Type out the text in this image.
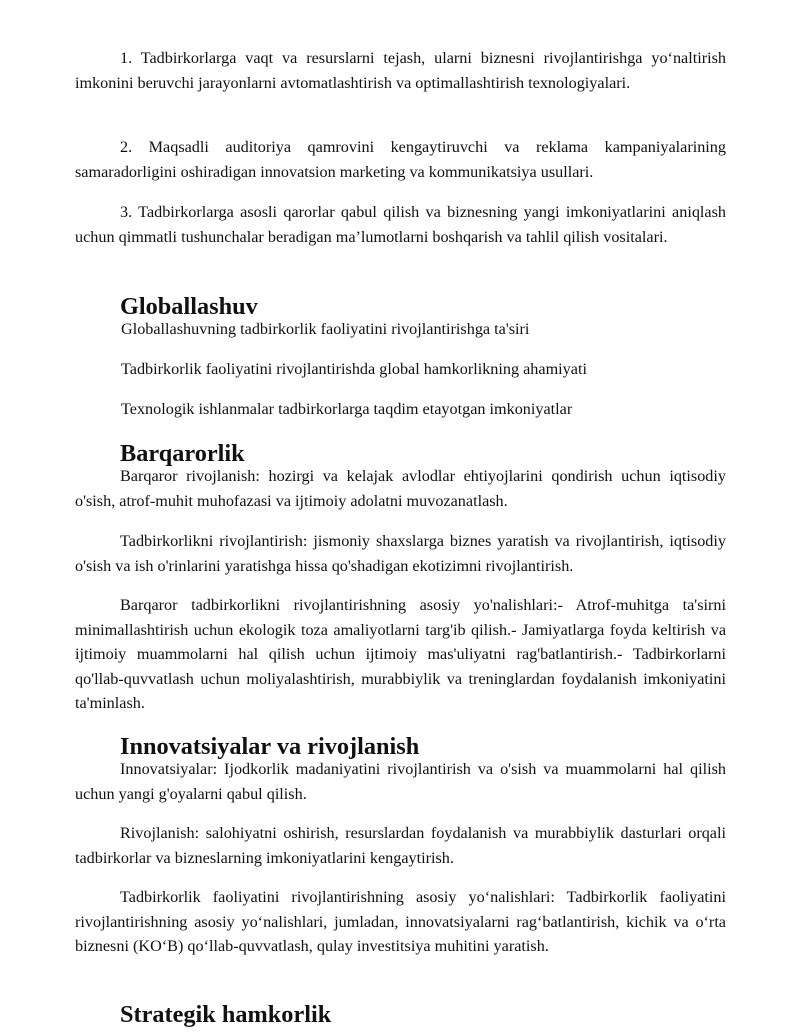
1. Tadbirkorlarga vaqt va resurslarni tejash, ularni biznesni rivojlantirishga yo‘naltirish imkonini beruvchi jarayonlarni avtomatlashtirish va optimallashtirish texnologiyalari.

2. Maqsadli auditoriya qamrovini kengaytiruvchi va reklama kampaniyalarining samaradorligini oshiradigan innovatsion marketing va kommunikatsiya usullari.

3. Tadbirkorlarga asosli qarorlar qabul qilish va biznesning yangi imkoniyatlarini aniqlash uchun qimmatli tushunchalar beradigan ma’lumotlarni boshqarish va tahlil qilish vositalari.

Globallashuv

Globallashuvning tadbirkorlik faoliyatini rivojlantirishga ta'siri

Tadbirkorlik faoliyatini rivojlantirishda global hamkorlikning ahamiyati

Texnologik ishlanmalar tadbirkorlarga taqdim etayotgan imkoniyatlar

Barqarorlik

Barqaror rivojlanish: hozirgi va kelajak avlodlar ehtiyojlarini qondirish uchun iqtisodiy o'sish, atrof-muhit muhofazasi va ijtimoiy adolatni muvozanatlash.

Tadbirkorlikni rivojlantirish: jismoniy shaxslarga biznes yaratish va rivojlantirish, iqtisodiy o'sish va ish o'rinlarini yaratishga hissa qo'shadigan ekotizimni rivojlantirish.

Barqaror tadbirkorlikni rivojlantirishning asosiy yo'nalishlari:- Atrof-muhitga ta'sirni minimallashtirish uchun ekologik toza amaliyotlarni targ'ib qilish.- Jamiyatlarga foyda keltirish va ijtimoiy muammolarni hal qilish uchun ijtimoiy mas'uliyatni rag'batlantirish.- Tadbirkorlarni qo'llab-quvvatlash uchun moliyalashtirish, murabbiylik va treninglardan foydalanish imkoniyatini ta'minlash.

Innovatsiyalar va rivojlanish

Innovatsiyalar: Ijodkorlik madaniyatini rivojlantirish va o'sish va muammolarni hal qilish uchun yangi g'oyalarni qabul qilish.

Rivojlanish: salohiyatni oshirish, resurslardan foydalanish va murabbiylik dasturlari orqali tadbirkorlar va bizneslarning imkoniyatlarini kengaytirish.

Tadbirkorlik faoliyatini rivojlantirishning asosiy yo‘nalishlari: Tadbirkorlik faoliyatini rivojlantirishning asosiy yo‘nalishlari, jumladan, innovatsiyalarni rag‘batlantirish, kichik va o‘rta biznesni (KO‘B) qo‘llab-quvvatlash, qulay investitsiya muhitini yaratish.

Strategik hamkorlik
